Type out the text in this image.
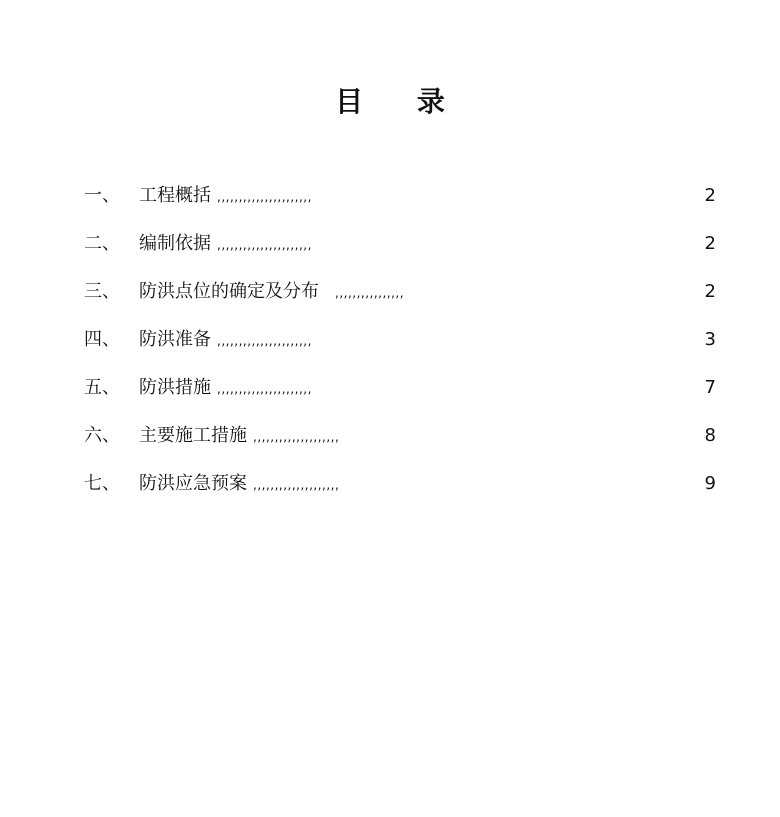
目 录
一、 工程概括 ,,,,,,,,,,,,,,,,,,,,,,	2
二、 编制依据 ,,,,,,,,,,,,,,,,,,,,,,	2
三、 防洪点位的确定及分布 ,,,,,,,,,,,,,,,,	2
四、 防洪准备 ,,,,,,,,,,,,,,,,,,,,,,	3
五、 防洪措施 ,,,,,,,,,,,,,,,,,,,,,,	7
六、 主要施工措施 ,,,,,,,,,,,,,,,,,,,,	8
七、 防洪应急预案 ,,,,,,,,,,,,,,,,,,,,	9
